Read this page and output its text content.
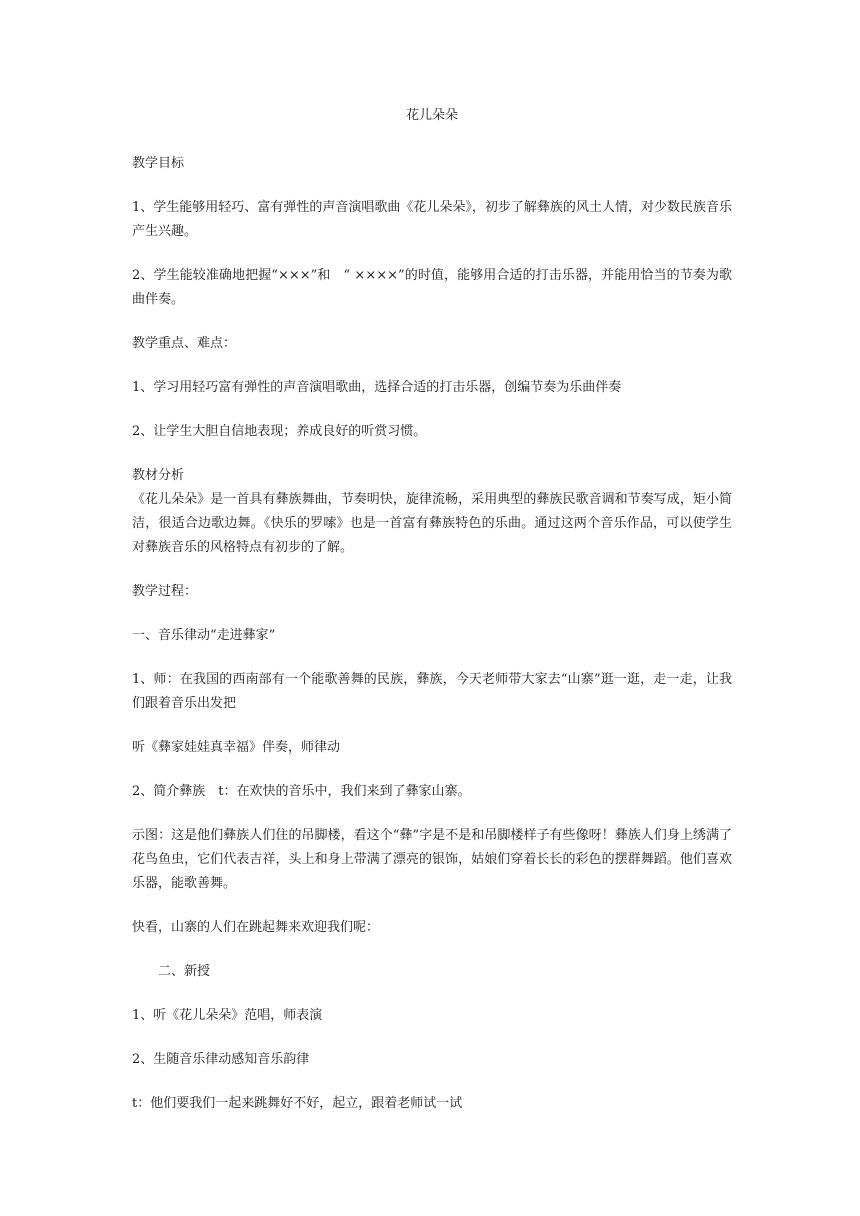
花儿朵朵
教学目标
1、学生能够用轻巧、富有弹性的声音演唱歌曲《花儿朵朵》，初步了解彝族的风土人情，对少数民族音乐产生兴趣。
2、学生能较准确地把握“×××”和　“ ××××”的时值，能够用合适的打击乐器，并能用恰当的节奏为歌曲伴奏。
教学重点、难点：
1、学习用轻巧富有弹性的声音演唱歌曲，选择合适的打击乐器，创编节奏为乐曲伴奏
2、让学生大胆自信地表现；养成良好的听赏习惯。
教材分析
《花儿朵朵》是一首具有彝族舞曲，节奏明快，旋律流畅，采用典型的彝族民歌音调和节奏写成，矩小简洁，很适合边歌边舞。《快乐的罗嗦》也是一首富有彝族特色的乐曲。通过这两个音乐作品，可以使学生对彝族音乐的风格特点有初步的了解。
教学过程：
一、音乐律动“走进彝家”
1、师：在我国的西南部有一个能歌善舞的民族，彝族，今天老师带大家去“山寨”逛一逛，走一走，让我们跟着音乐出发把
听《彝家娃娃真幸福》伴奏，师律动
2、简介彝族　t：在欢快的音乐中，我们来到了彝家山寨。
示图：这是他们彝族人们住的吊脚楼，看这个“彝”字是不是和吊脚楼样子有些像呀！彝族人们身上绣满了花鸟鱼虫，它们代表吉祥，头上和身上带满了漂亮的银饰，姑娘们穿着长长的彩色的摆群舞蹈。他们喜欢乐器，能歌善舞。
快看，山寨的人们在跳起舞来欢迎我们呢：
二、新授
1、听《花儿朵朵》范唱，师表演
2、生随音乐律动感知音乐韵律
t：他们要我们一起来跳舞好不好，起立，跟着老师试一试
